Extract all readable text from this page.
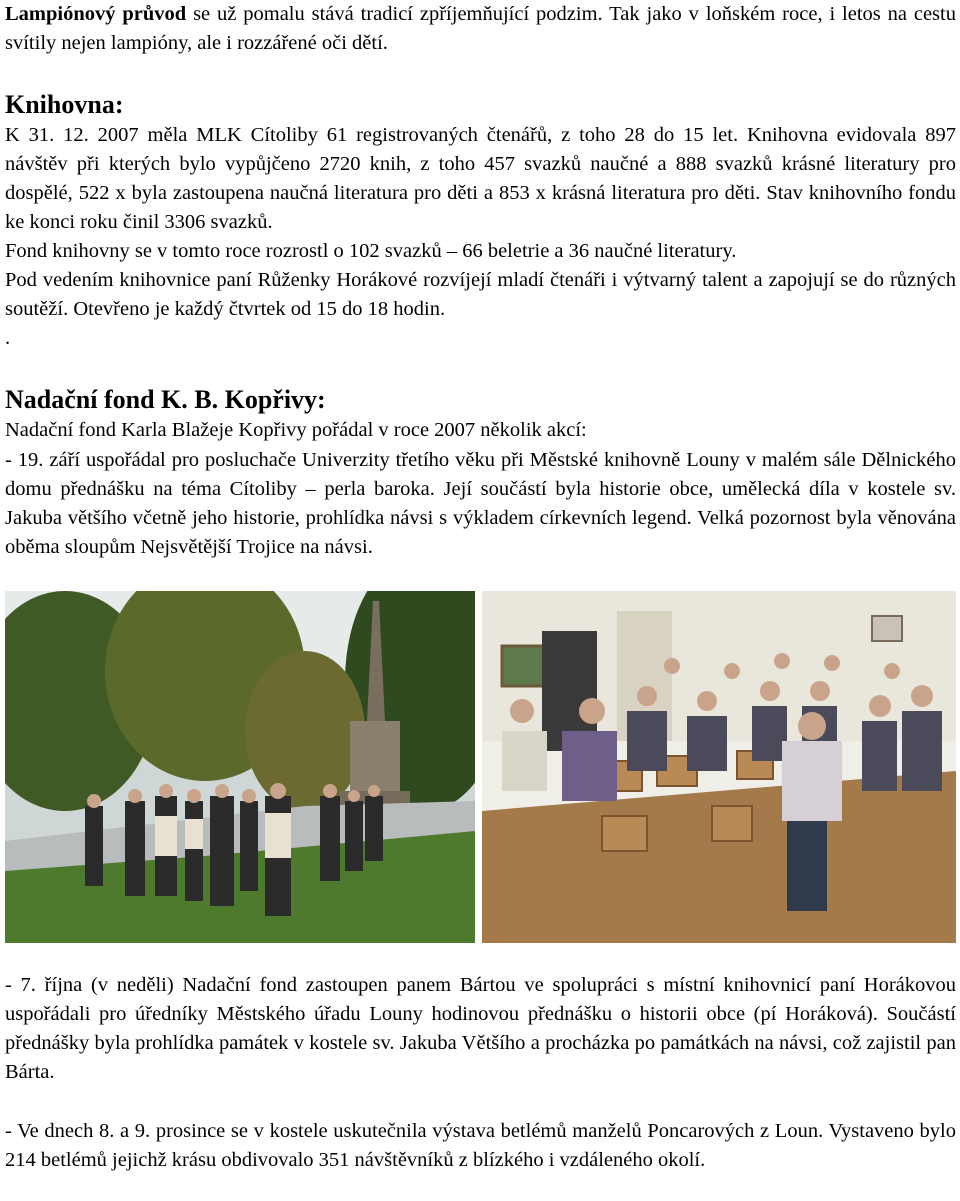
Lampiónový průvod se už pomalu stává tradicí zpříjemňující podzim. Tak jako v loňském roce, i letos na cestu svítily nejen lampióny, ale i rozzářené oči dětí.

Knihovna:

K 31. 12. 2007 měla MLK Cítoliby 61 registrovaných čtenářů, z toho 28 do 15 let. Knihovna evidovala 897 návštěv při kterých bylo vypůjčeno 2720 knih, z toho 457 svazků naučné a 888 svazků krásné literatury pro dospělé, 522 x byla zastoupena naučná literatura pro děti a 853 x krásná literatura pro děti. Stav knihovního fondu ke konci roku činil 3306 svazků.

Fond knihovny se v tomto roce rozrostl o 102 svazků – 66 beletrie a 36 naučné literatury.

Pod vedením knihovnice paní Růženky Horákové rozvíjejí mladí čtenáři i výtvarný talent a zapojují se do různých soutěží. Otevřeno je každý čtvrtek od 15 do 18 hodin.

.

Nadační fond K. B. Kopřivy:

Nadační fond Karla Blažeje Kopřivy pořádal v roce 2007 několik akcí:

- 19. září uspořádal pro posluchače Univerzity třetího věku při Městské knihovně Louny v malém sále Dělnického domu přednášku na téma Cítoliby – perla baroka. Její součástí byla historie obce, umělecká díla v kostele sv. Jakuba většího včetně jeho historie, prohlídka návsi s výkladem církevních legend. Velká pozornost byla věnována oběma sloupům Nejsvětější Trojice na návsi.

- 7. října (v neděli) Nadační fond zastoupen panem Bártou ve spolupráci s místní knihovnicí paní Horákovou uspořádali pro úředníky Městského úřadu Louny hodinovou přednášku o historii obce (pí Horáková). Součástí přednášky byla prohlídka památek v kostele sv. Jakuba Většího a procházka po památkách na návsi, což zajistil pan Bárta.

- Ve dnech 8. a 9. prosince se v kostele uskutečnila výstava betlémů manželů Poncarových z Loun. Vystaveno bylo 214 betlémů jejichž krásu obdivovalo 351 návštěvníků z blízkého i vzdáleného okolí.
